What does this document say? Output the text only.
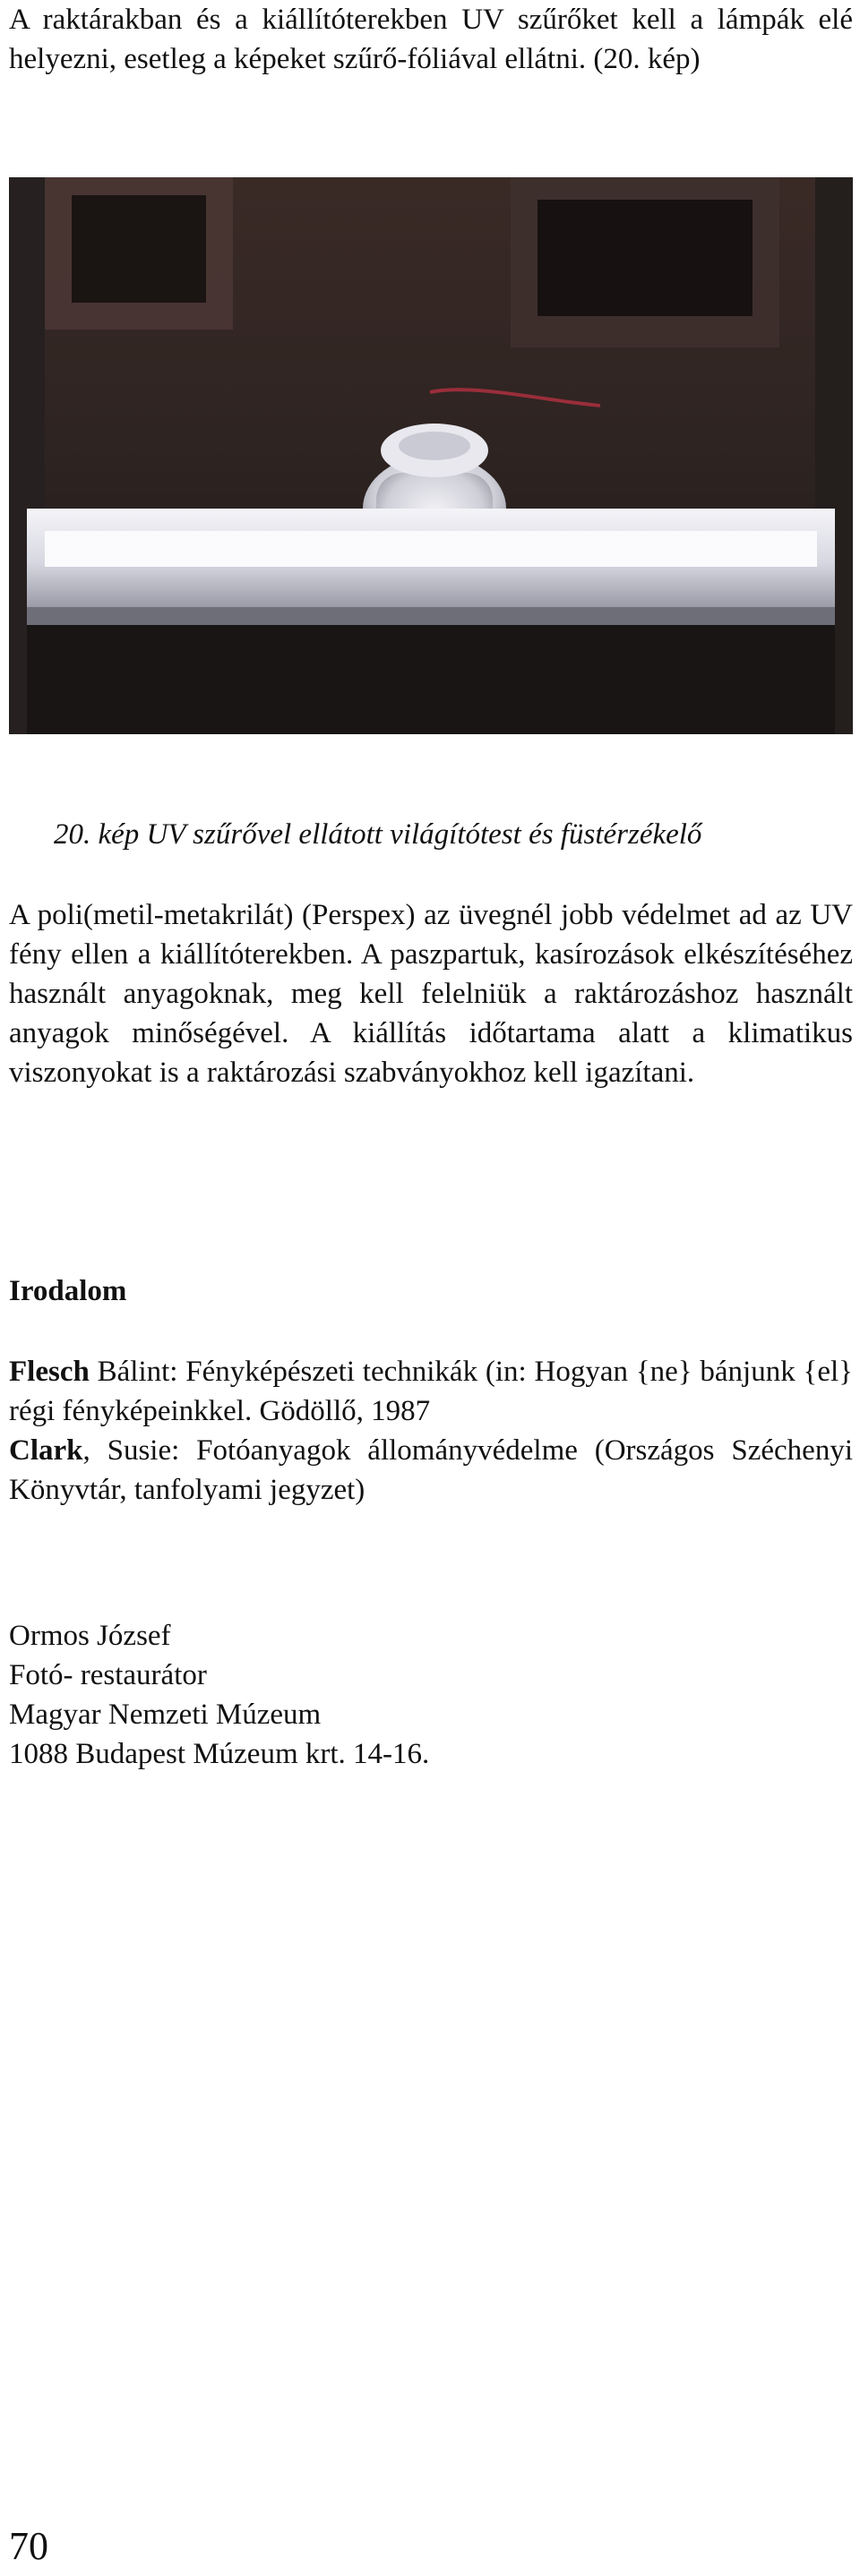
A raktárakban és a kiállítóterekben UV szűrőket kell a lámpák elé helyezni, esetleg a képeket szűrő-fóliával ellátni. (20. kép)

20. kép UV szűrővel ellátott világítótest és füstérzékelő

A poli(metil-metakrilát) (Perspex) az üvegnél jobb védelmet ad az UV fény ellen a kiállítóterekben. A paszpartuk, kasírozások elkészítéséhez használt anyagoknak, meg kell felelniük a raktározáshoz használt anyagok minőségével. A kiállítás időtartama alatt a klimatikus viszonyokat is a raktározási szabványokhoz kell igazítani.

Irodalom

Flesch Bálint: Fényképészeti technikák (in: Hogyan {ne} bánjunk {el} régi fényképeinkkel. Gödöllő, 1987

Clark, Susie: Fotóanyagok állományvédelme (Országos Széchenyi Könyvtár, tanfolyami jegyzet)

Ormos József
Fotó- restaurátor
Magyar Nemzeti Múzeum
1088 Budapest Múzeum krt. 14-16.
70
